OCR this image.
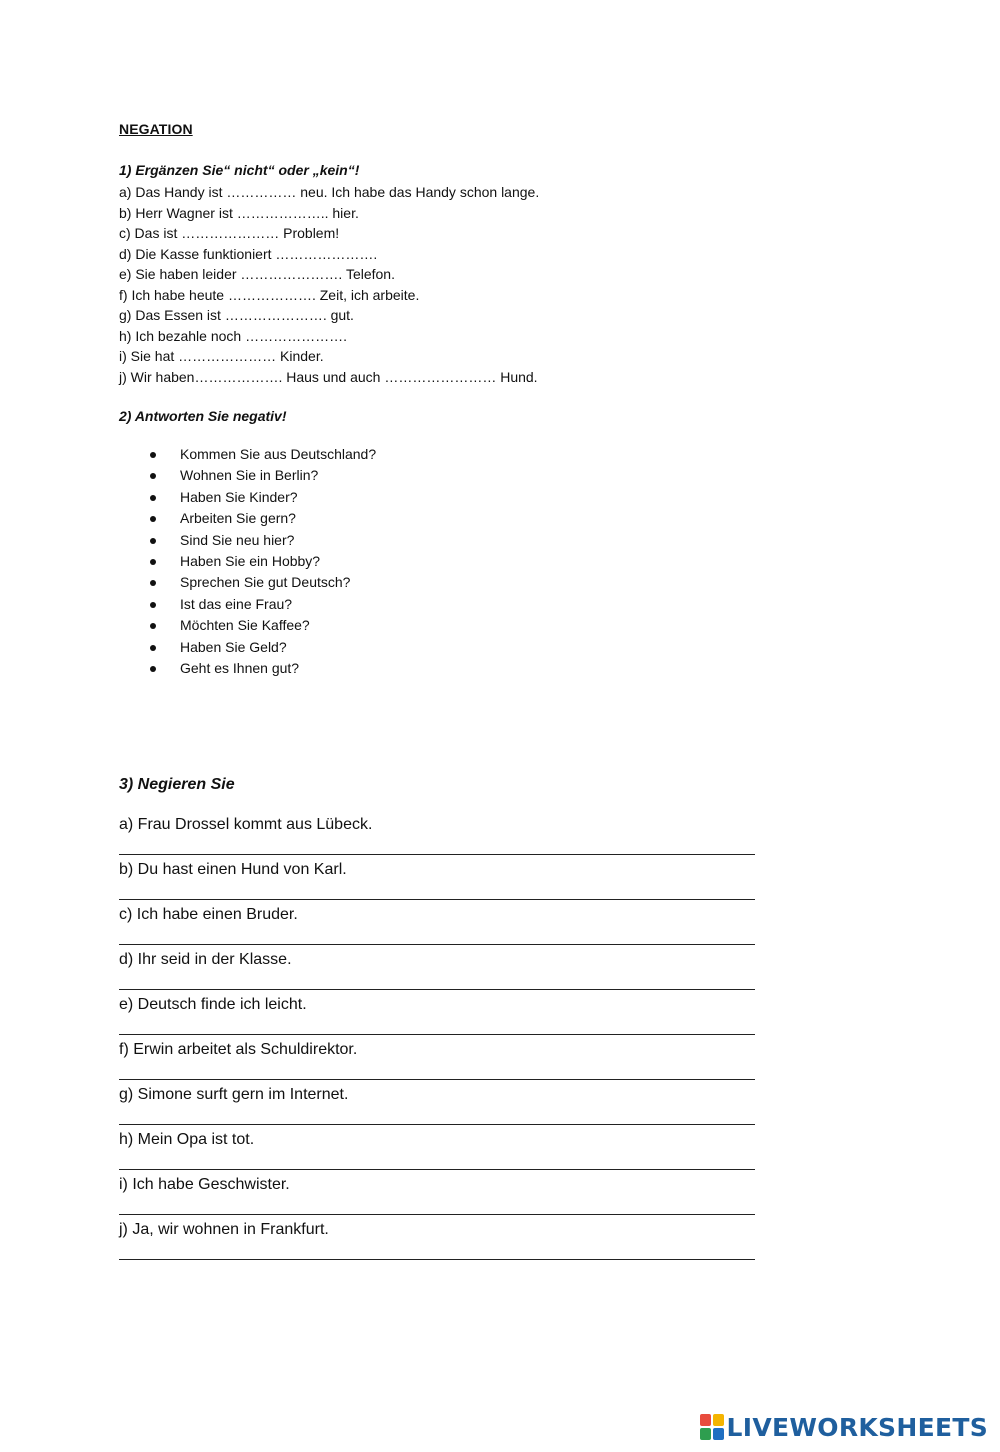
NEGATION
1) Ergänzen Sie“ nicht“ oder „kein“!
a) Das Handy ist …………… neu. Ich habe das Handy schon lange.
b) Herr Wagner ist ……………….. hier.
c) Das ist ………………… Problem!
d) Die Kasse funktioniert ………………….
e) Sie haben leider …………………. Telefon.
f) Ich habe heute ………………. Zeit, ich arbeite.
g) Das Essen ist …………………. gut.
h) Ich bezahle noch ………………….
i) Sie hat ………………… Kinder.
j) Wir haben………………. Haus und auch …………………… Hund.
2) Antworten Sie negativ!
Kommen Sie aus Deutschland?
Wohnen Sie in Berlin?
Haben Sie Kinder?
Arbeiten Sie gern?
Sind Sie neu hier?
Haben Sie ein Hobby?
Sprechen Sie gut Deutsch?
Ist das eine Frau?
Möchten Sie Kaffee?
Haben Sie Geld?
Geht es Ihnen gut?
3) Negieren Sie
a) Frau Drossel kommt aus Lübeck.
b) Du hast einen Hund von Karl.
c) Ich habe einen Bruder.
d) Ihr seid in der Klasse.
e) Deutsch finde ich leicht.
f) Erwin arbeitet als Schuldirektor.
g) Simone surft gern im Internet.
h) Mein Opa ist tot.
i) Ich habe Geschwister.
j) Ja, wir wohnen in Frankfurt.
LIVEWORKSHEETS
